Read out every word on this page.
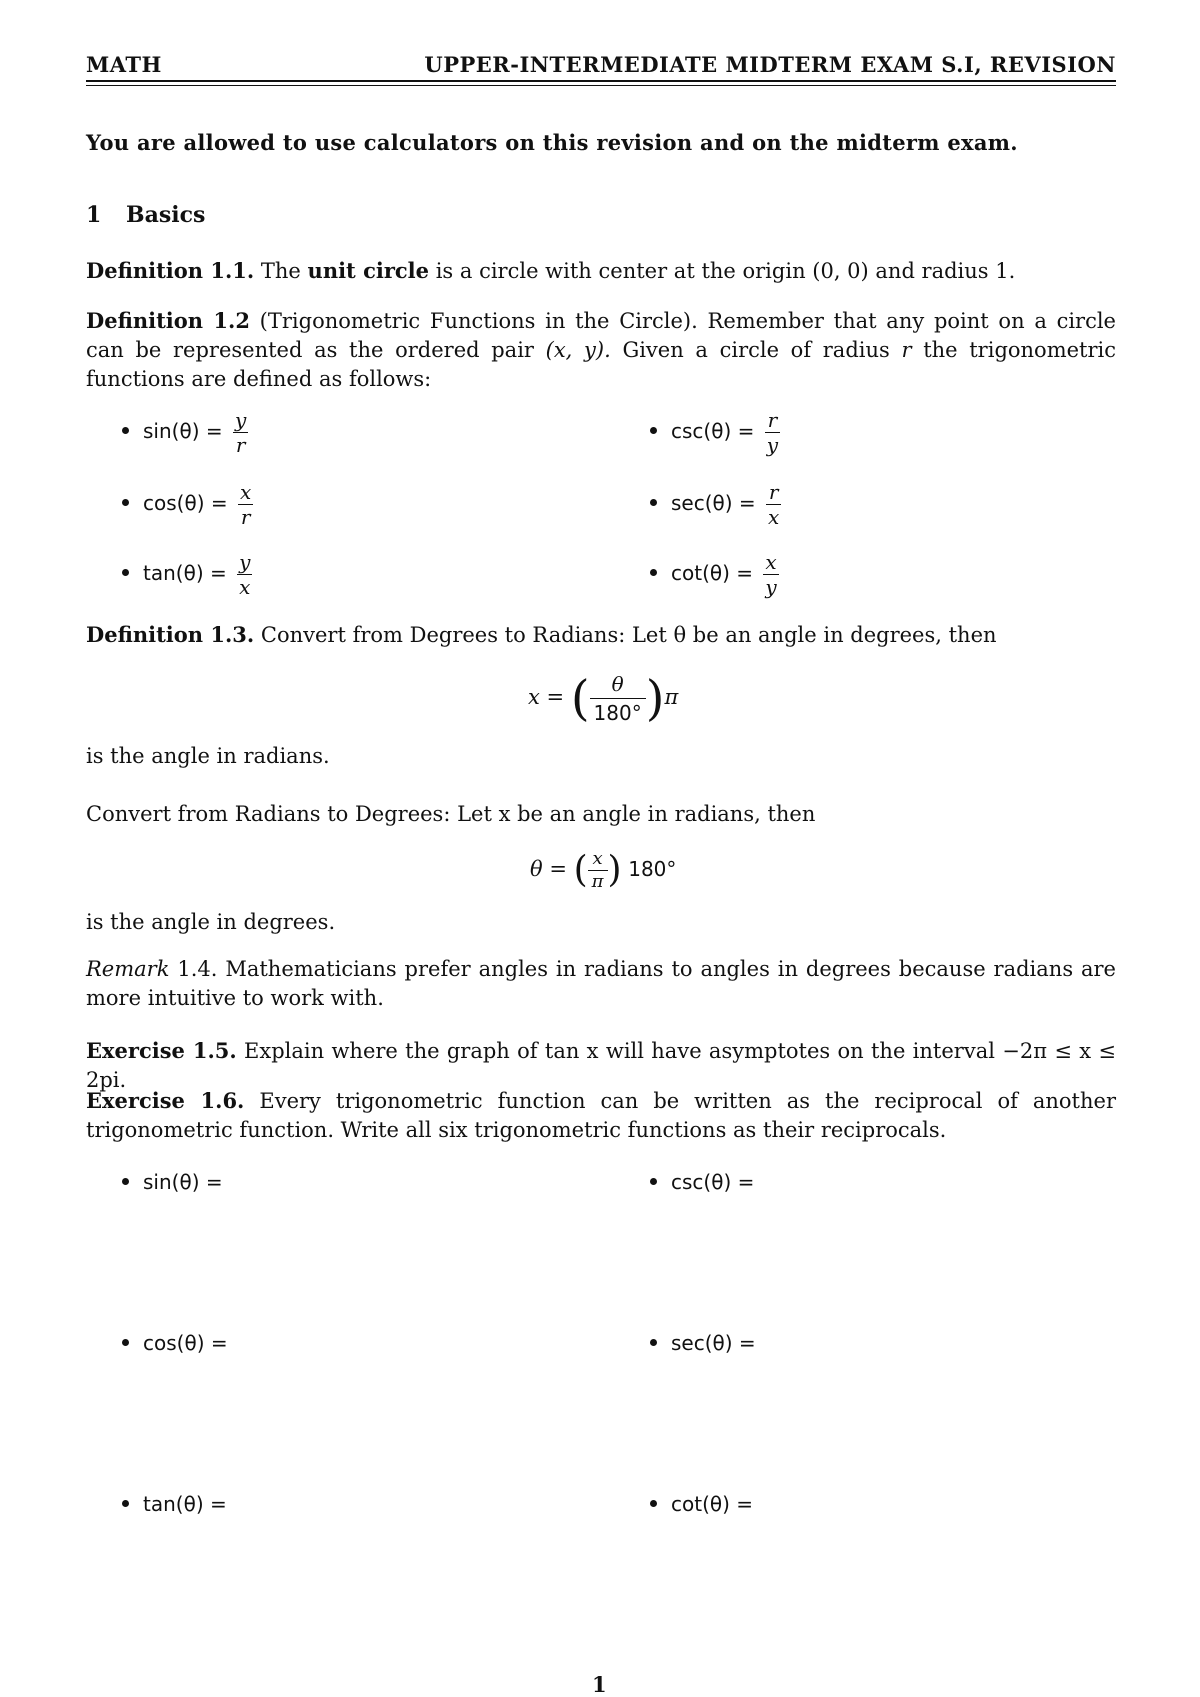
MATH	UPPER-INTERMEDIATE MIDTERM EXAM S.I, REVISION
You are allowed to use calculators on this revision and on the midterm exam.
1 Basics
Definition 1.1. The unit circle is a circle with center at the origin (0, 0) and radius 1.
Definition 1.2 (Trigonometric Functions in the Circle). Remember that any point on a circle can be represented as the ordered pair (x, y). Given a circle of radius r the trigonometric functions are defined as follows:
$\sin(\theta) = \frac{y}{r}$
$\cos(\theta) = \frac{x}{r}$
$\tan(\theta) = \frac{y}{x}$
$\csc(\theta) = \frac{r}{y}$
$\sec(\theta) = \frac{r}{x}$
$\cot(\theta) = \frac{x}{y}$
Definition 1.3. Convert from Degrees to Radians: Let θ be an angle in degrees, then
x = ( $\frac{\theta}{180^\circ} )\pi$
is the angle in radians.
Convert from Radians to Degrees: Let x be an angle in radians, then
θ = ( $\frac{x}{\pi}$ ) 180°
is the angle in degrees.
Remark 1.4. Mathematicians prefer angles in radians to angles in degrees because radians are more intuitive to work with.
Exercise 1.5. Explain where the graph of tan x will have asymptotes on the interval −2π ≤ x ≤ 2pi.
Exercise 1.6. Every trigonometric function can be written as the reciprocal of another trigonometric function. Write all six trigonometric functions as their reciprocals.
sin(θ) =
cos(θ) =
tan(θ) =
csc(θ) =
sec(θ) =
cot(θ) =
1
